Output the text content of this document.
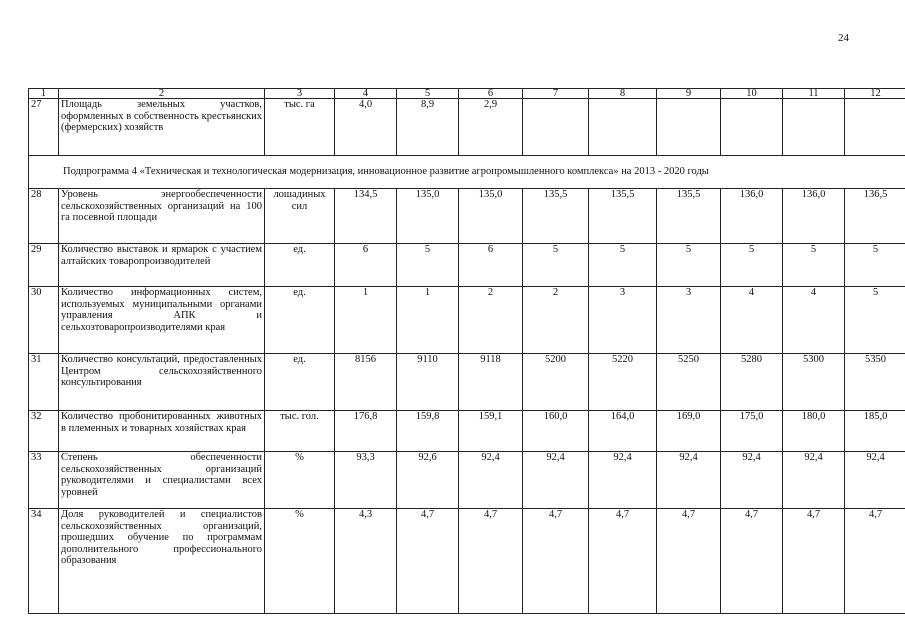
24
1	2	3	4	5	6	7	8	9	10	11	12
27	Площадь земельных участков, оформленных в собственность крестьянских (фермерских) хозяйств	тыс. га	4,0	8,9	2,9						
Подпрограмма 4 «Техническая и технологическая модернизация, инновационное развитие агропромышленного комплекса» на 2013 - 2020 годы											
28	Уровень энергообеспеченности сельскохозяйственных организаций на 100 га посевной площади	лошадиных сил	134,5	135,0	135,0	135,5	135,5	135,5	136,0	136,0	136,5
29	Количество выставок и ярмарок с участием алтайских товаропроизводителей	ед.	6	5	6	5	5	5	5	5	5
30	Количество информационных систем, используемых муниципальными органами управления АПК и сельхозтоваропроизводителями края	ед.	1	1	2	2	3	3	4	4	5
31	Количество консультаций, предоставленных Центром сельскохозяйственного консультирования	ед.	8156	9110	9118	5200	5220	5250	5280	5300	5350
32	Количество пробонитированных животных в племенных и товарных хозяйствах края	тыс. гол.	176,8	159,8	159,1	160,0	164,0	169,0	175,0	180,0	185,0
33	Степень обеспеченности сельскохозяйственных организаций руководителями и специалистами всех уровней	%	93,3	92,6	92,4	92,4	92,4	92,4	92,4	92,4	92,4
34	Доля руководителей и специалистов сельскохозяйственных организаций, прошедших обучение по программам дополнительного профессионального образования	%	4,3	4,7	4,7	4,7	4,7	4,7	4,7	4,7	4,7
